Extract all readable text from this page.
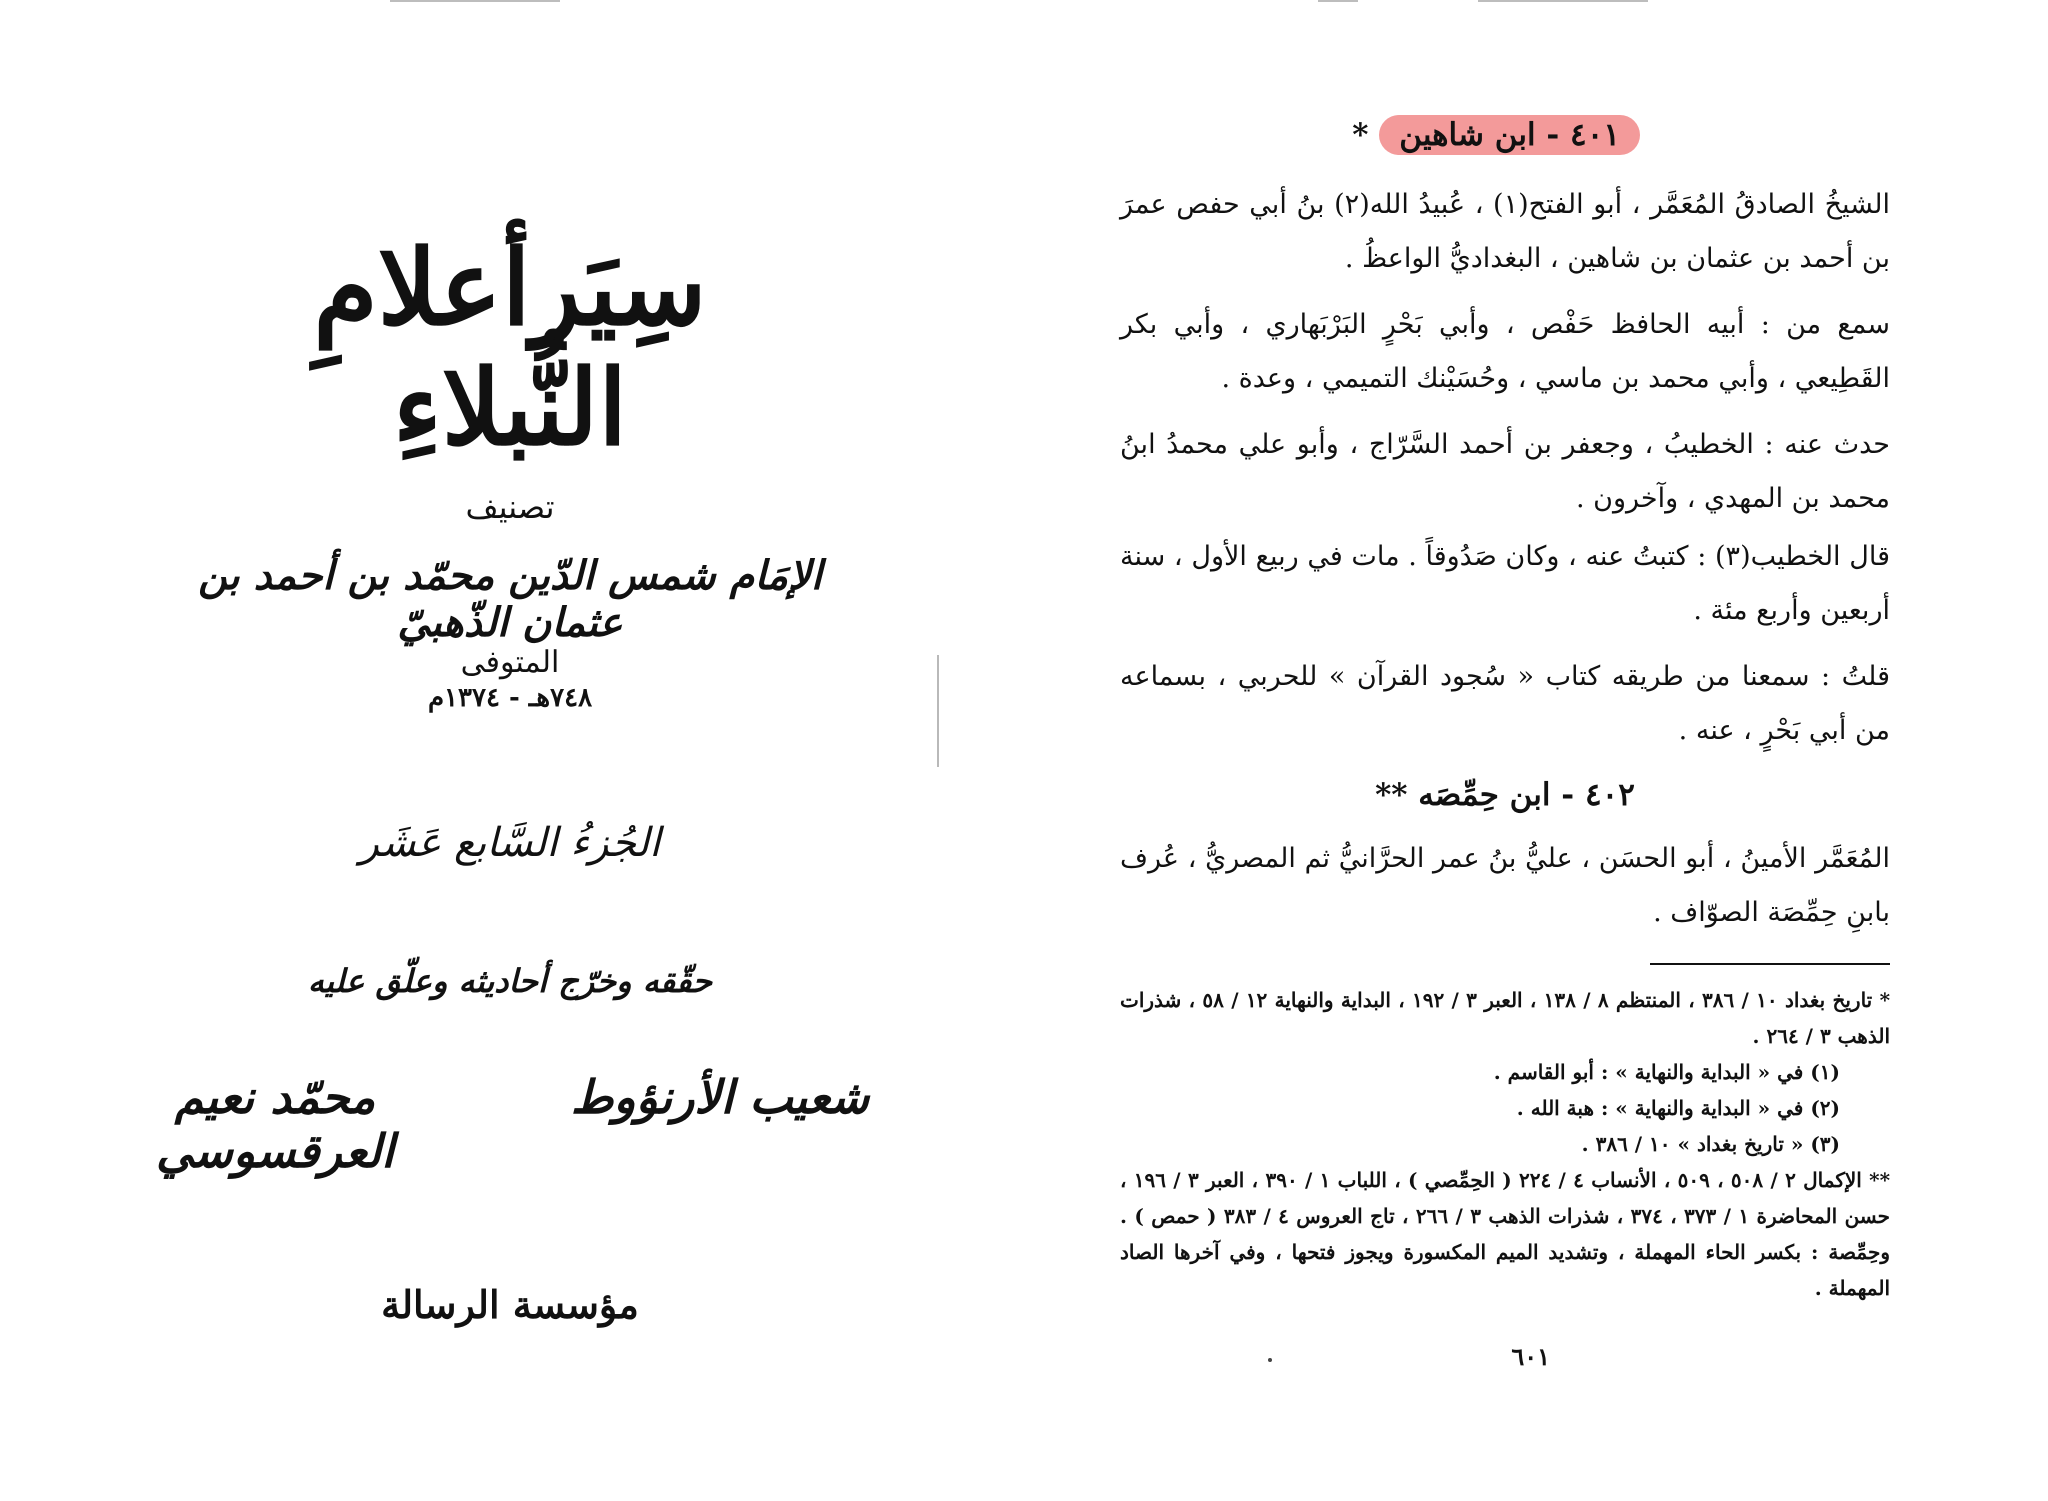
سِيَرأعلامِ النُّبلاءِ
تصنيف
الإمَام شمس الدّين محمّد بن أحمد بن عثمان الذّهبيّ
المتوفى
٧٤٨هـ - ١٣٧٤م
الجُزءُ السَّابع عَشَر
حقّقه وخرّج أحاديثه وعلّق عليه
شعيب الأرنؤوط
محمّد نعيم العرقسوسي
مؤسسة الرسالة
٤٠١ - ابن شاهين *

الشيخُ الصادقُ المُعَمَّر ، أبو الفتح(١) ، عُبيدُ الله(٢) بنُ أبي حفص عمرَ بن أحمد بن عثمان بن شاهين ، البغداديُّ الواعظُ .

سمع من : أبيه الحافظ حَفْص ، وأبي بَحْرٍ البَرْبَهاري ، وأبي بكر القَطِيعي ، وأبي محمد بن ماسي ، وحُسَيْنك التميمي ، وعدة .

حدث عنه : الخطيبُ ، وجعفر بن أحمد السَّرّاج ، وأبو علي محمدُ ابنُ محمد بن المهدي ، وآخرون .

قال الخطيب(٣) : كتبتُ عنه ، وكان صَدُوقاً . مات في ربيع الأول ، سنة أربعين وأربع مئة .

قلتُ : سمعنا من طريقه كتاب « سُجود القرآن » للحربي ، بسماعه من أبي بَحْرٍ ، عنه .

٤٠٢ - ابن حِمِّصَه **

المُعَمَّر الأمينُ ، أبو الحسَن ، عليُّ بنُ عمر الحرَّانيُّ ثم المصريُّ ، عُرف بابنِ حِمِّصَة الصوّاف .

* تاريخ بغداد ١٠ / ٣٨٦ ، المنتظم ٨ / ١٣٨ ، العبر ٣ / ١٩٢ ، البداية والنهاية ١٢ / ٥٨ ، شذرات الذهب ٣ / ٢٦٤ .

(١) في « البداية والنهاية » : أبو القاسم .

(٢) في « البداية والنهاية » : هبة الله .

(٣) « تاريخ بغداد » ١٠ / ٣٨٦ .

** الإكمال ٢ / ٥٠٨ ، ٥٠٩ ، الأنساب ٤ / ٢٢٤ ( الحِمِّصي ) ، اللباب ١ / ٣٩٠ ، العبر ٣ / ١٩٦ ، حسن المحاضرة ١ / ٣٧٣ ، ٣٧٤ ، شذرات الذهب ٣ / ٢٦٦ ، تاج العروس ٤ / ٣٨٣ ( حمص ) . وحِمِّصة : بكسر الحاء المهملة ، وتشديد الميم المكسورة ويجوز فتحها ، وفي آخرها الصاد المهملة .

٦٠١
